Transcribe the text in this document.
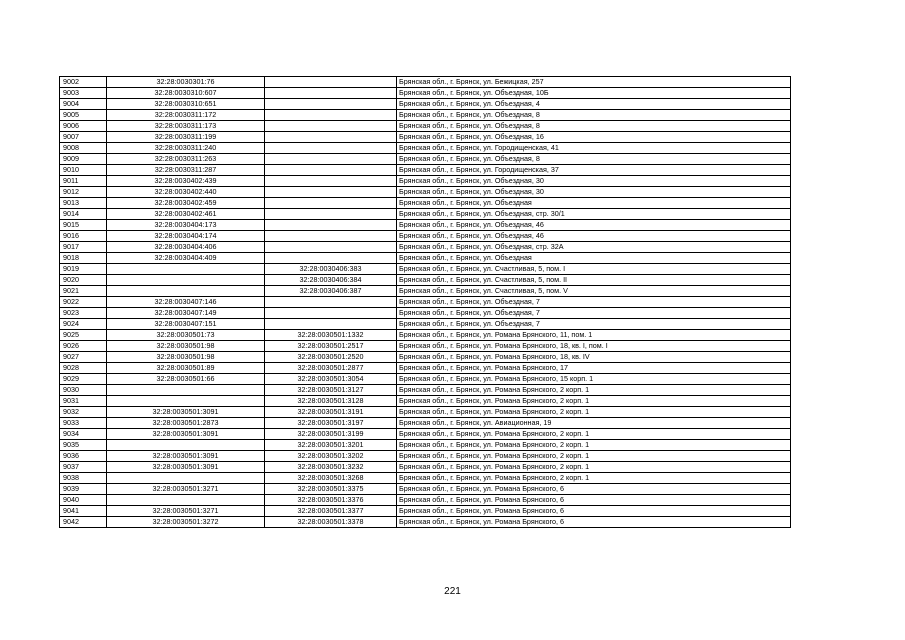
9002	32:28:0030301:76		Брянская обл., г. Брянск, ул. Бежицкая, 257
9003	32:28:0030310:607		Брянская обл., г. Брянск, ул. Объездная, 10Б
9004	32:28:0030310:651		Брянская обл., г. Брянск, ул. Объездная, 4
9005	32:28:0030311:172		Брянская обл., г. Брянск, ул. Объездная, 8
9006	32:28:0030311:173		Брянская обл., г. Брянск, ул. Объездная, 8
9007	32:28:0030311:199		Брянская обл., г. Брянск, ул. Объездная, 16
9008	32:28:0030311:240		Брянская обл., г. Брянск, ул. Городищенская, 41
9009	32:28:0030311:263		Брянская обл., г. Брянск, ул. Объездная, 8
9010	32:28:0030311:287		Брянская обл., г. Брянск, ул. Городищенская, 37
9011	32:28:0030402:439		Брянская обл., г. Брянск, ул. Объездная, 30
9012	32:28:0030402:440		Брянская обл., г. Брянск, ул. Объездная, 30
9013	32:28:0030402:459		Брянская обл., г. Брянск, ул. Объездная
9014	32:28:0030402:461		Брянская обл., г. Брянск, ул. Объездная, стр. 30/1
9015	32:28:0030404:173		Брянская обл., г. Брянск, ул. Объездная, 46
9016	32:28:0030404:174		Брянская обл., г. Брянск, ул. Объездная, 46
9017	32:28:0030404:406		Брянская обл., г. Брянск, ул. Объездная, стр. 32А
9018	32:28:0030404:409		Брянская обл., г. Брянск, ул. Объездная
9019		32:28:0030406:383	Брянская обл., г. Брянск, ул. Счастливая, 5, пом. I
9020		32:28:0030406:384	Брянская обл., г. Брянск, ул. Счастливая, 5, пом. II
9021		32:28:0030406:387	Брянская обл., г. Брянск, ул. Счастливая, 5, пом. V
9022	32:28:0030407:146		Брянская обл., г. Брянск, ул. Объездная, 7
9023	32:28:0030407:149		Брянская обл., г. Брянск, ул. Объездная, 7
9024	32:28:0030407:151		Брянская обл., г. Брянск, ул. Объездная, 7
9025	32:28:0030501:73	32:28:0030501:1332	Брянская обл., г. Брянск, ул. Романа Брянского, 11, пом. 1
9026	32:28:0030501:98	32:28:0030501:2517	Брянская обл., г. Брянск, ул. Романа Брянского, 18, кв. I, пом. I
9027	32:28:0030501:98	32:28:0030501:2520	Брянская обл., г. Брянск, ул. Романа Брянского, 18, кв. IV
9028	32:28:0030501:89	32:28:0030501:2877	Брянская обл., г. Брянск, ул. Романа Брянского, 17
9029	32:28:0030501:66	32:28:0030501:3054	Брянская обл., г. Брянск, ул. Романа Брянского, 15 корп. 1
9030		32:28:0030501:3127	Брянская обл., г. Брянск, ул. Романа Брянского, 2 корп. 1
9031		32:28:0030501:3128	Брянская обл., г. Брянск, ул. Романа Брянского, 2 корп. 1
9032	32:28:0030501:3091	32:28:0030501:3191	Брянская обл., г. Брянск, ул. Романа Брянского, 2 корп. 1
9033	32:28:0030501:2873	32:28:0030501:3197	Брянская обл., г. Брянск, ул. Авиационная, 19
9034	32:28:0030501:3091	32:28:0030501:3199	Брянская обл., г. Брянск, ул. Романа Брянского, 2 корп. 1
9035		32:28:0030501:3201	Брянская обл., г. Брянск, ул. Романа Брянского, 2 корп. 1
9036	32:28:0030501:3091	32:28:0030501:3202	Брянская обл., г. Брянск, ул. Романа Брянского, 2 корп. 1
9037	32:28:0030501:3091	32:28:0030501:3232	Брянская обл., г. Брянск, ул. Романа Брянского, 2 корп. 1
9038		32:28:0030501:3268	Брянская обл., г. Брянск, ул. Романа Брянского, 2 корп. 1
9039	32:28:0030501:3271	32:28:0030501:3375	Брянская обл., г. Брянск, ул. Романа Брянского, 6
9040		32:28:0030501:3376	Брянская обл., г. Брянск, ул. Романа Брянского, 6
9041	32:28:0030501:3271	32:28:0030501:3377	Брянская обл., г. Брянск, ул. Романа Брянского, 6
9042	32:28:0030501:3272	32:28:0030501:3378	Брянская обл., г. Брянск, ул. Романа Брянского, 6
221
